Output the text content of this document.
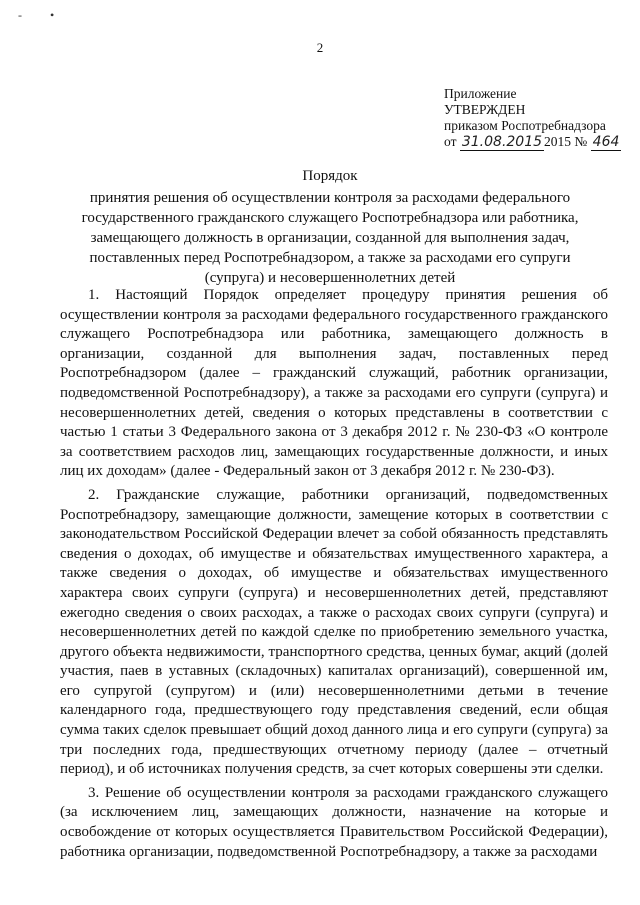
- •
2
Приложение
УТВЕРЖДЕН
приказом Роспотребнадзора
от 31.08.2015 2015 № 464
Порядок
принятия решения об осуществлении контроля за расходами федерального
государственного гражданского служащего Роспотребнадзора или работника,
замещающего должность в организации, созданной для выполнения задач,
поставленных перед Роспотребнадзором, а также за расходами его супруги
(супруга) и несовершеннолетних детей

1. Настоящий Порядок определяет процедуру принятия решения об осуществлении контроля за расходами федерального государственного гражданского служащего Роспотребнадзора или работника, замещающего должность в организации, созданной для выполнения задач, поставленных перед Роспотребнадзором (далее – гражданский служащий, работник организации, подведомственной Роспотребнадзору), а также за расходами его супруги (супруга) и несовершеннолетних детей, сведения о которых представлены в соответствии с частью 1 статьи 3 Федерального закона от 3 декабря 2012 г. № 230-ФЗ «О контроле за соответствием расходов лиц, замещающих государственные должности, и иных лиц их доходам» (далее - Федеральный закон от 3 декабря 2012 г. № 230-ФЗ).

2. Гражданские служащие, работники организаций, подведомственных Роспотребнадзору, замещающие должности, замещение которых в соответствии с законодательством Российской Федерации влечет за собой обязанность представлять сведения о доходах, об имуществе и обязательствах имущественного характера, а также сведения о доходах, об имуществе и обязательствах имущественного характера своих супруги (супруга) и несовершеннолетних детей, представляют ежегодно сведения о своих расходах, а также о расходах своих супруги (супруга) и несовершеннолетних детей по каждой сделке по приобретению земельного участка, другого объекта недвижимости, транспортного средства, ценных бумаг, акций (долей участия, паев в уставных (складочных) капиталах организаций), совершенной им, его супругой (супругом) и (или) несовершеннолетними детьми в течение календарного года, предшествующего году представления сведений, если общая сумма таких сделок превышает общий доход данного лица и его супруги (супруга) за три последних года, предшествующих отчетному периоду (далее – отчетный период), и об источниках получения средств, за счет которых совершены эти сделки.

3. Решение об осуществлении контроля за расходами гражданского служащего (за исключением лиц, замещающих должности, назначение на которые и освобождение от которых осуществляется Правительством Российской Федерации), работника организации, подведомственной Роспотребнадзору, а также за расходами
